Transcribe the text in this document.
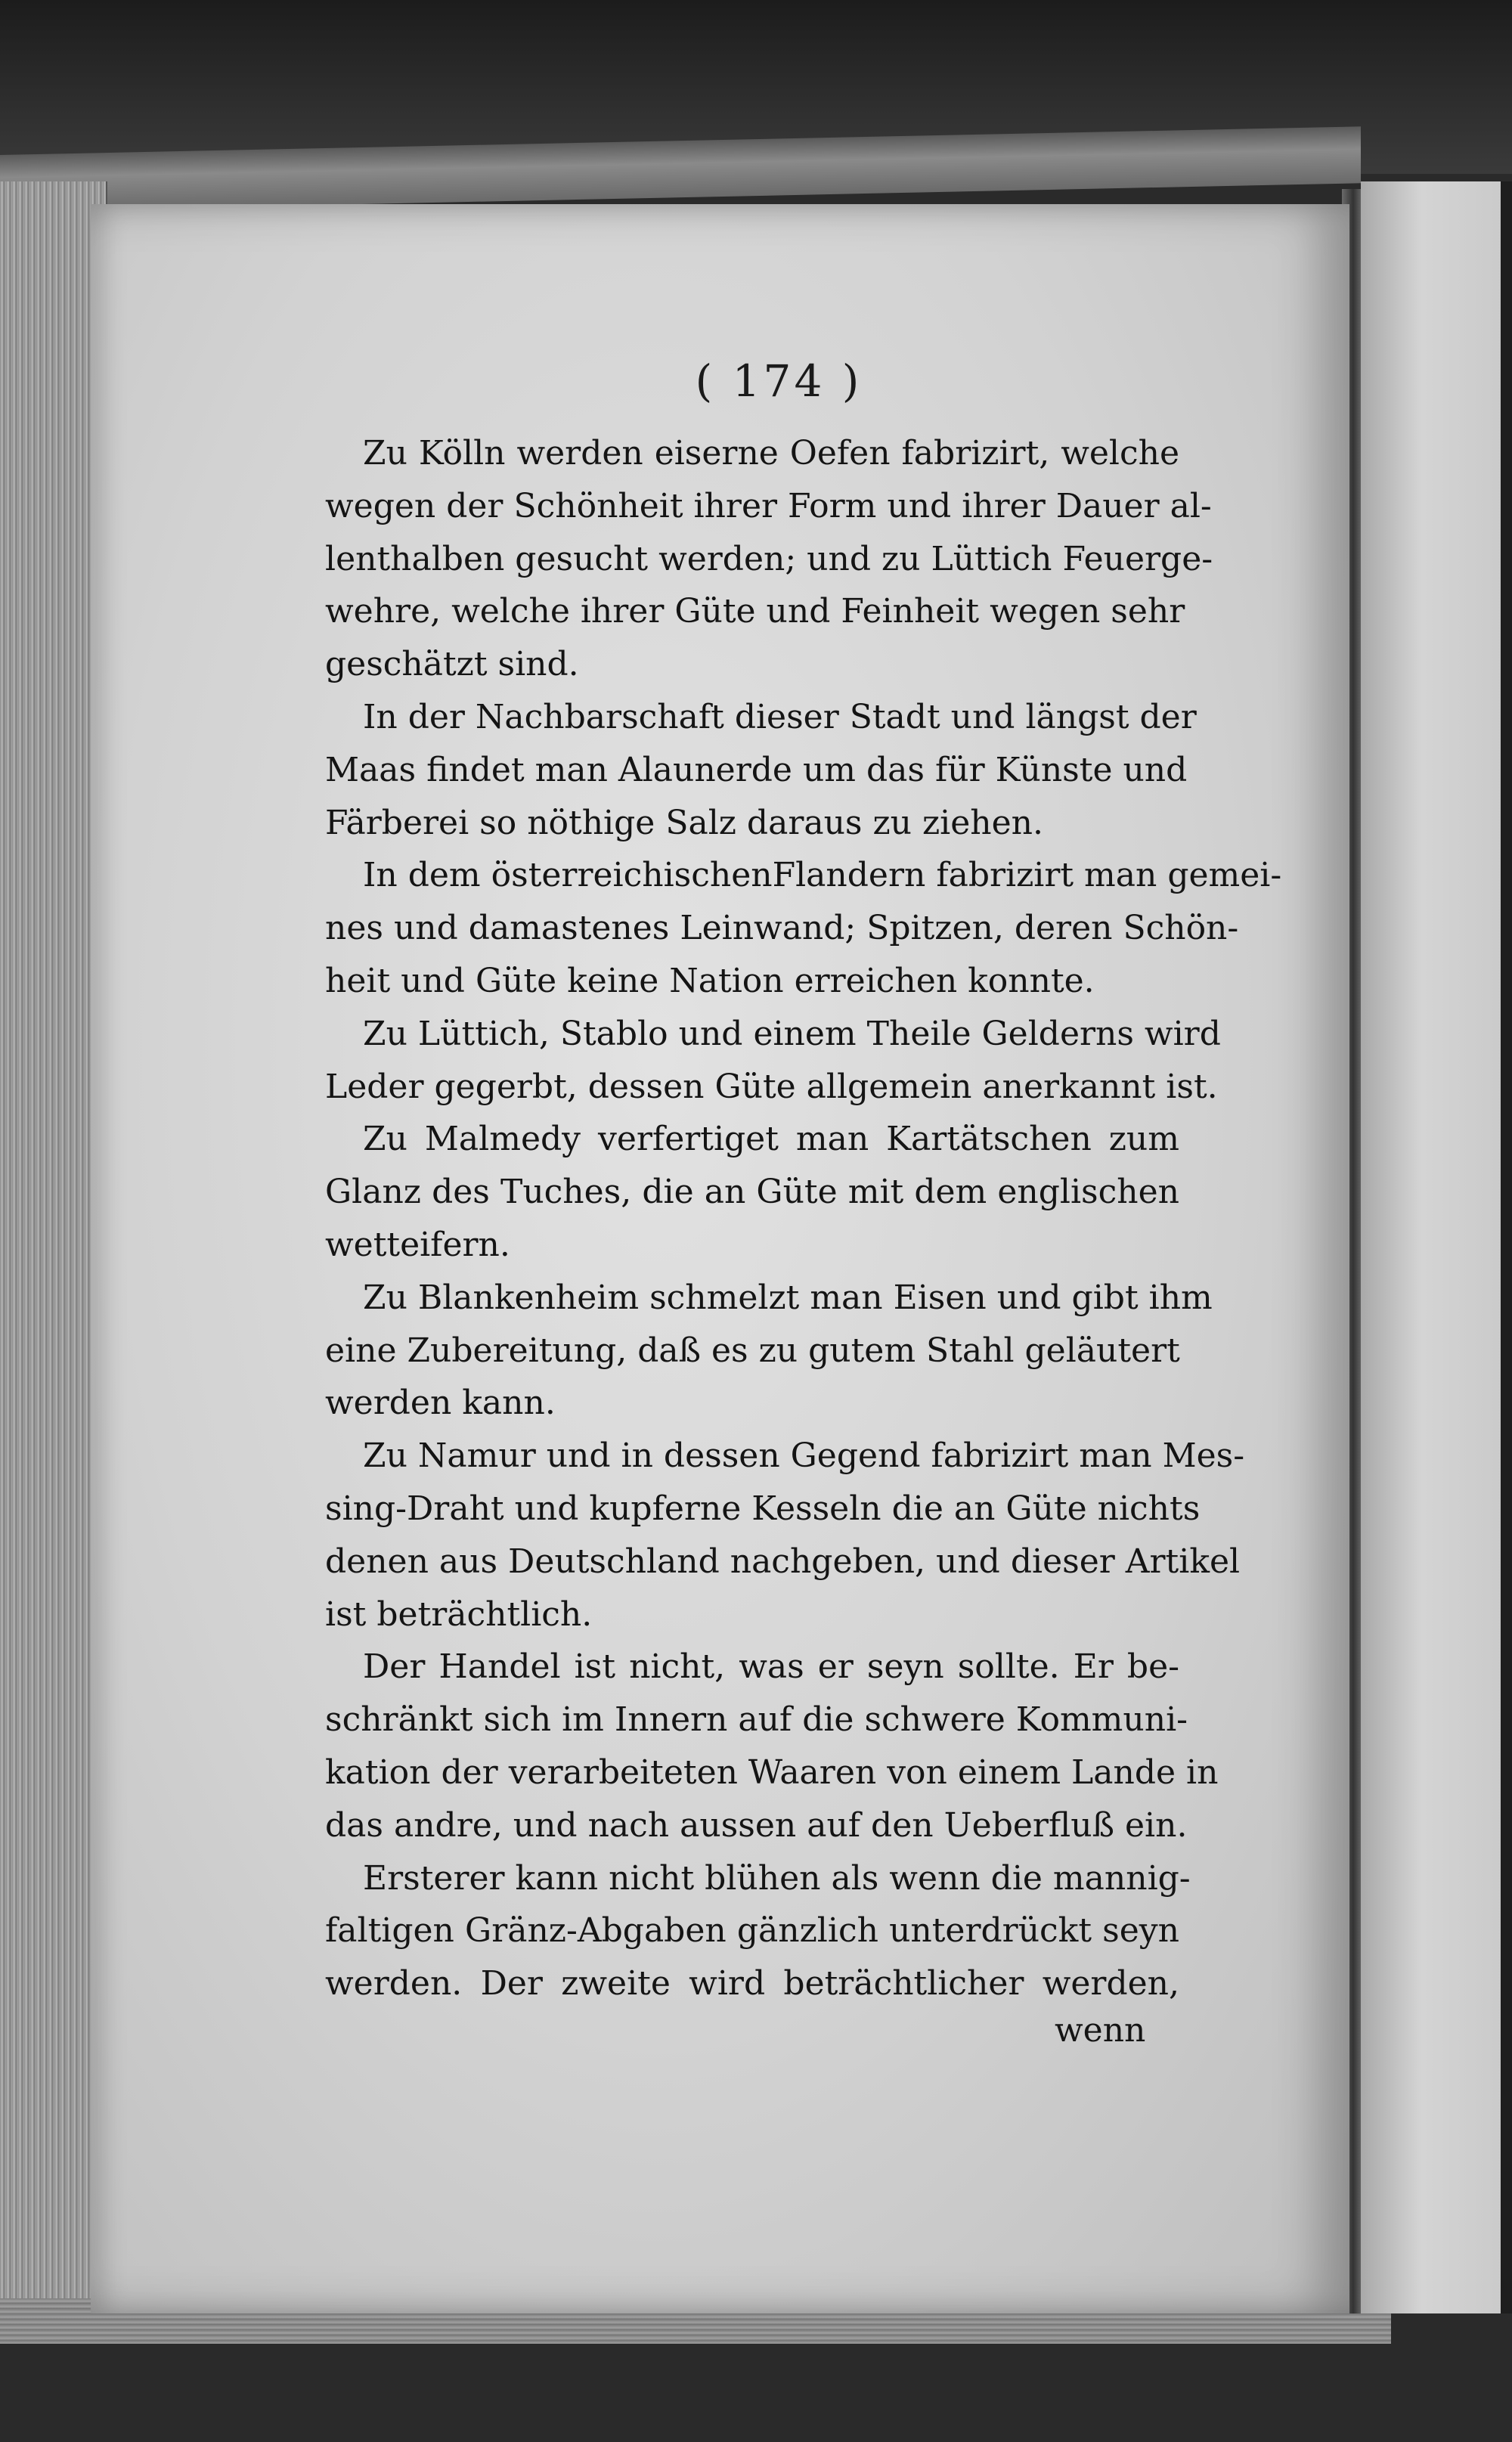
( 174 )
Zu Kölln werden eiserne Oefen fabrizirt, welche
wegen der Schönheit ihrer Form und ihrer Dauer al-
lenthalben gesucht werden; und zu Lüttich Feuerge-
wehre, welche ihrer Güte und Feinheit wegen sehr
geschätzt sind.
In der Nachbarschaft dieser Stadt und längst der
Maas findet man Alaunerde um das für Künste und
Färberei so nöthige Salz daraus zu ziehen.
In dem österreichischenFlandern fabrizirt man gemei-
nes und damastenes Leinwand; Spitzen, deren Schön-
heit und Güte keine Nation erreichen konnte.
Zu Lüttich, Stablo und einem Theile Gelderns wird
Leder gegerbt, dessen Güte allgemein anerkannt ist.
Zu Malmedy verfertiget man Kartätschen zum
Glanz des Tuches, die an Güte mit dem englischen
wetteifern.
Zu Blankenheim schmelzt man Eisen und gibt ihm
eine Zubereitung, daß es zu gutem Stahl geläutert
werden kann.
Zu Namur und in dessen Gegend fabrizirt man Mes-
sing-Draht und kupferne Kesseln die an Güte nichts
denen aus Deutschland nachgeben, und dieser Artikel
ist beträchtlich.
Der Handel ist nicht, was er seyn sollte. Er be-
schränkt sich im Innern auf die schwere Kommuni-
kation der verarbeiteten Waaren von einem Lande in
das andre, und nach aussen auf den Ueberfluß ein.
Ersterer kann nicht blühen als wenn die mannig-
faltigen Gränz-Abgaben gänzlich unterdrückt seyn
werden. Der zweite wird beträchtlicher werden,
wenn
